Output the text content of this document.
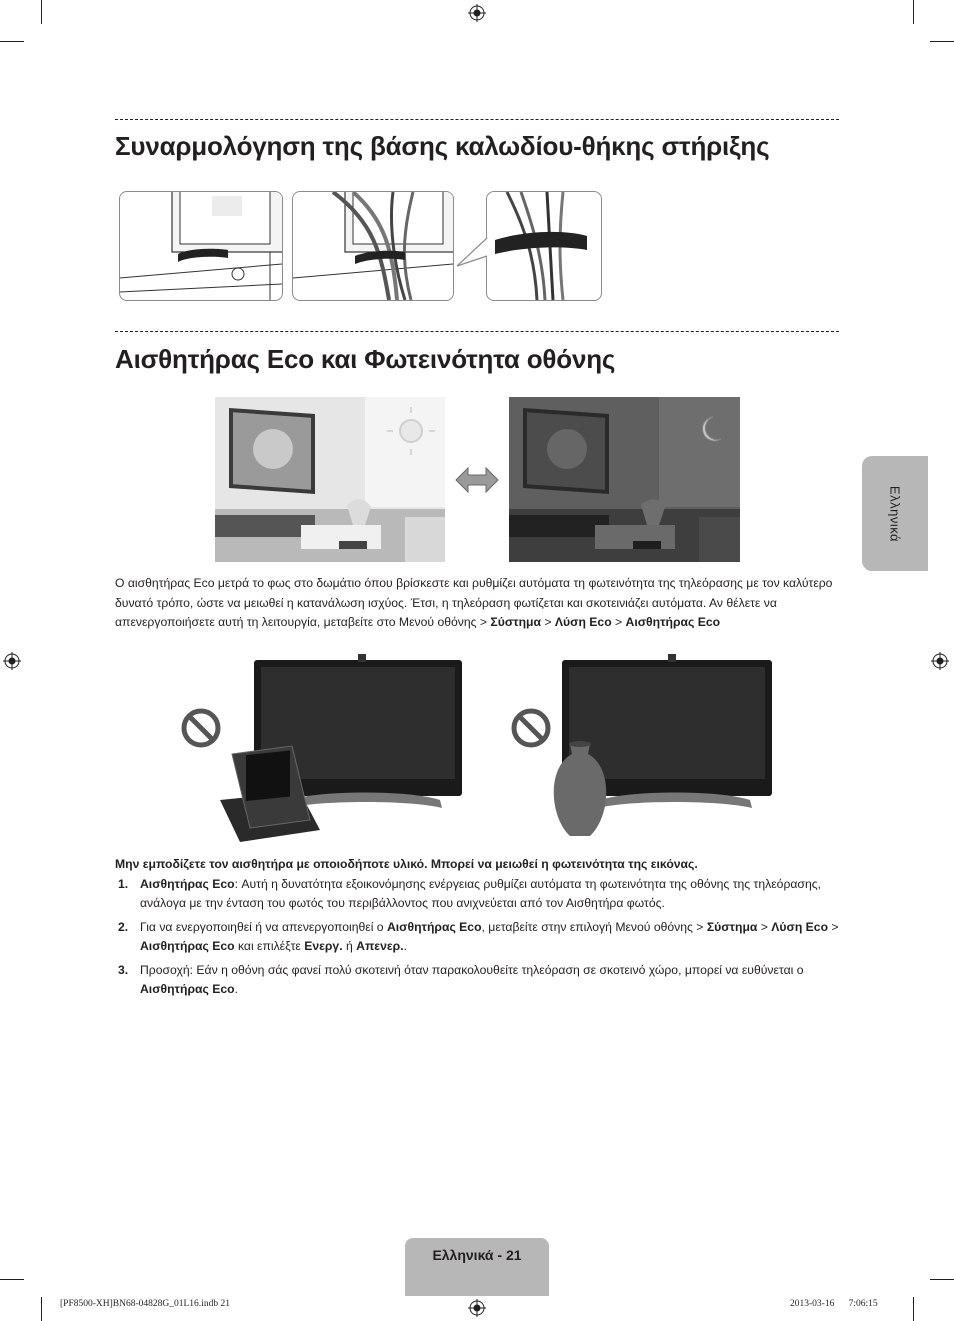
Συναρμολόγηση της βάσης καλωδίου-θήκης στήριξης
Αισθητήρας Eco και Φωτεινότητα οθόνης
Ο αισθητήρας Eco μετρά το φως στο δωμάτιο όπου βρίσκεστε και ρυθμίζει αυτόματα τη φωτεινότητα της τηλεόρασης με τον καλύτερο δυνατό τρόπο, ώστε να μειωθεί η κατανάλωση ισχύος. Έτσι, η τηλεόραση φωτίζεται και σκοτεινιάζει αυτόματα. Αν θέλετε να απενεργοποιήσετε αυτή τη λειτουργία, μεταβείτε στο Μενού οθόνης > Σύστημα > Λύση Eco > Αισθητήρας Eco
Μην εμποδίζετε τον αισθητήρα με οποιοδήποτε υλικό. Μπορεί να μειωθεί η φωτεινότητα της εικόνας.
1. Αισθητήρας Eco: Αυτή η δυνατότητα εξοικονόμησης ενέργειας ρυθμίζει αυτόματα τη φωτεινότητα της οθόνης της τηλεόρασης, ανάλογα με την ένταση του φωτός του περιβάλλοντος που ανιχνεύεται από τον Αισθητήρα φωτός.
2. Για να ενεργοποιηθεί ή να απενεργοποιηθεί ο Αισθητήρας Eco, μεταβείτε στην επιλογή Μενού οθόνης > Σύστημα > Λύση Eco > Αισθητήρας Eco και επιλέξτε Ενεργ. ή Απενερ..
3. Προσοχή: Εάν η οθόνη σάς φανεί πολύ σκοτεινή όταν παρακολουθείτε τηλεόραση σε σκοτεινό χώρο, μπορεί να ευθύνεται ο Αισθητήρας Eco.
Ελληνικά
Ελληνικά - 21
[PF8500-XH]BN68-04828G_01L16.indb 21	2013-03-16   7:06:15
